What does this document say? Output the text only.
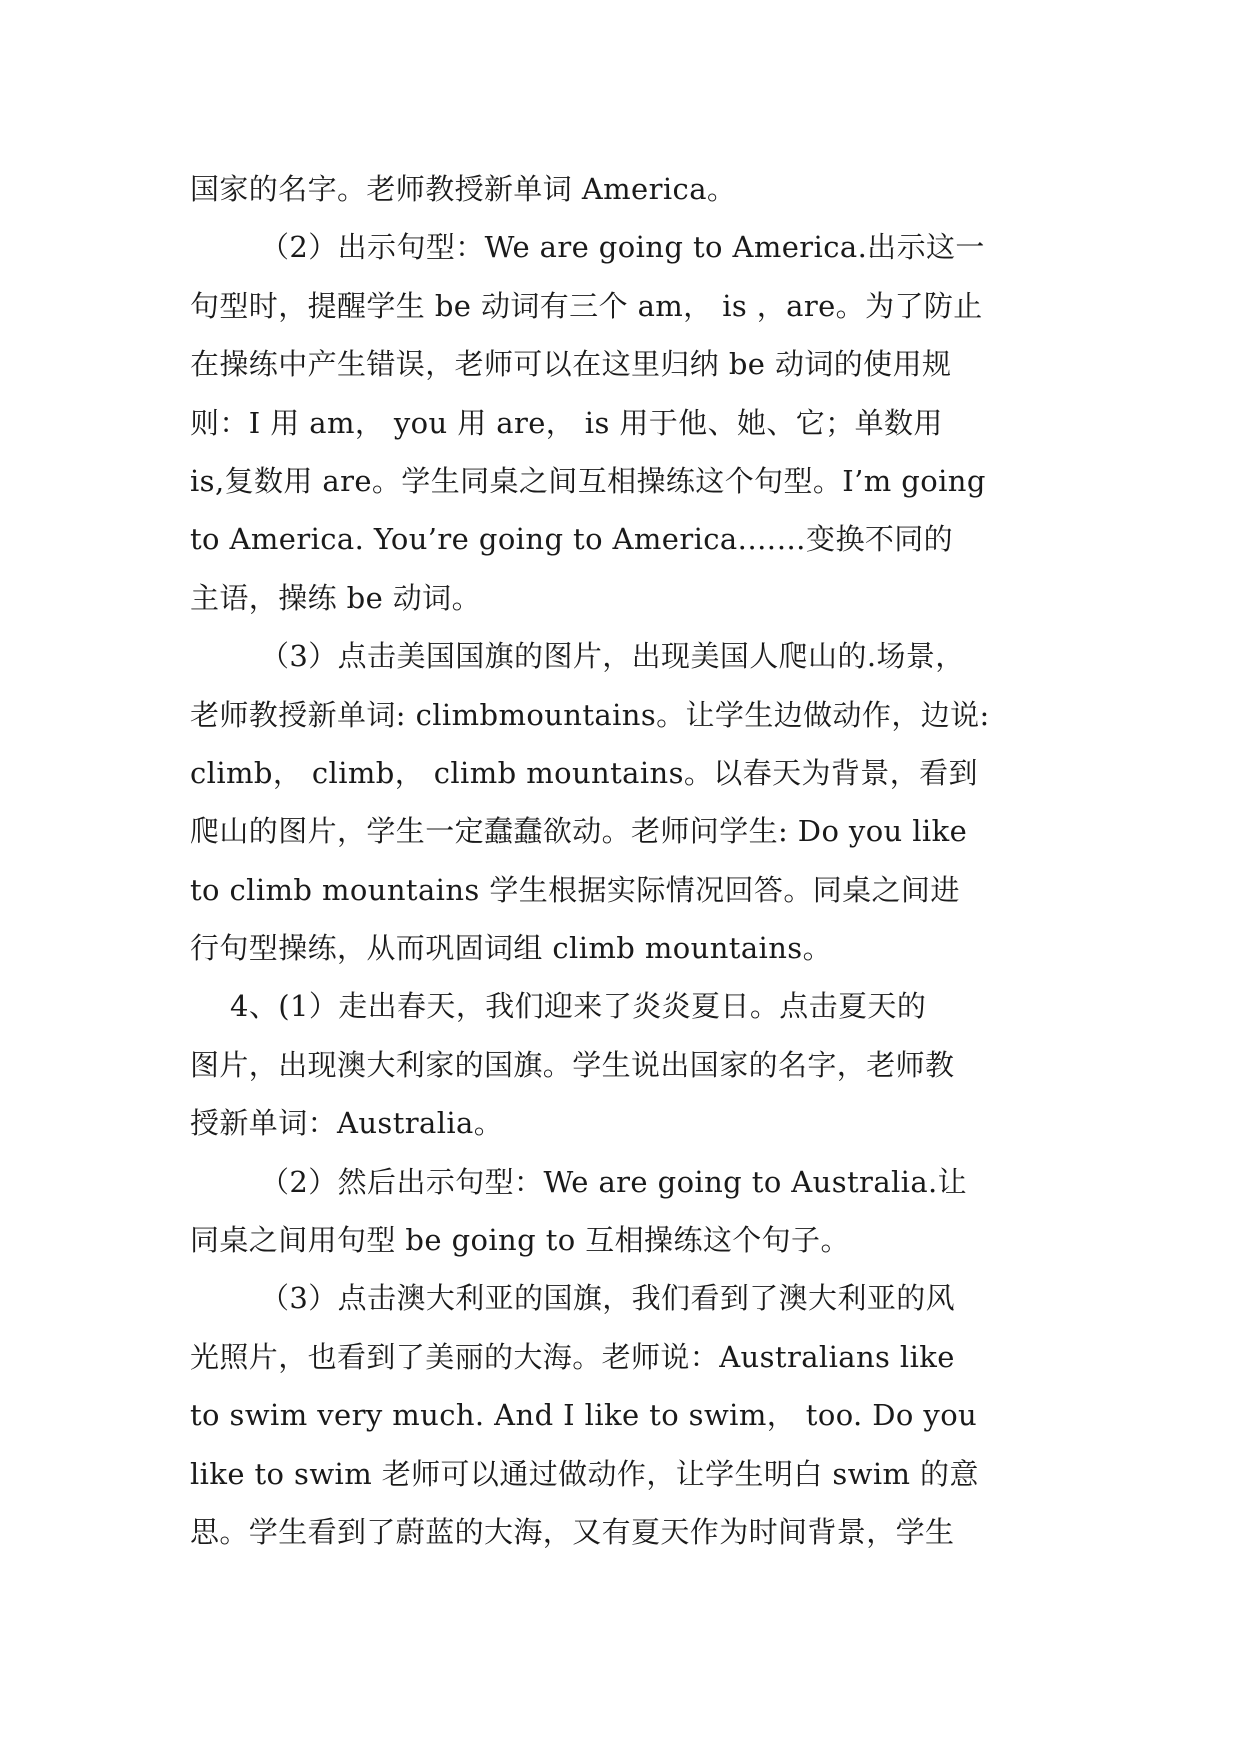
国家的名字。老师教授新单词 America。
（2）出示句型：We are going to America.出示这一
句型时，提醒学生 be 动词有三个 am， is ，are。为了防止
在操练中产生错误，老师可以在这里归纳 be 动词的使用规
则：I 用 am， you 用 are， is 用于他、她、它；单数用
is,复数用 are。学生同桌之间互相操练这个句型。I’m going
to America. You’re going to America.……变换不同的
主语，操练 be 动词。
（3）点击美国国旗的图片，出现美国人爬山的.场景，
老师教授新单词: climbmountains。让学生边做动作，边说:
climb， climb， climb mountains。以春天为背景，看到
爬山的图片，学生一定蠢蠢欲动。老师问学生: Do you like
to climb mountains 学生根据实际情况回答。同桌之间进
行句型操练，从而巩固词组 climb mountains。
4、(1）走出春天，我们迎来了炎炎夏日。点击夏天的
图片，出现澳大利家的国旗。学生说出国家的名字，老师教
授新单词：Australia。
（2）然后出示句型：We are going to Australia.让
同桌之间用句型 be going to 互相操练这个句子。
（3）点击澳大利亚的国旗，我们看到了澳大利亚的风
光照片，也看到了美丽的大海。老师说：Australians like
to swim very much. And I like to swim， too. Do you
like to swim 老师可以通过做动作，让学生明白 swim 的意
思。学生看到了蔚蓝的大海，又有夏天作为时间背景，学生
